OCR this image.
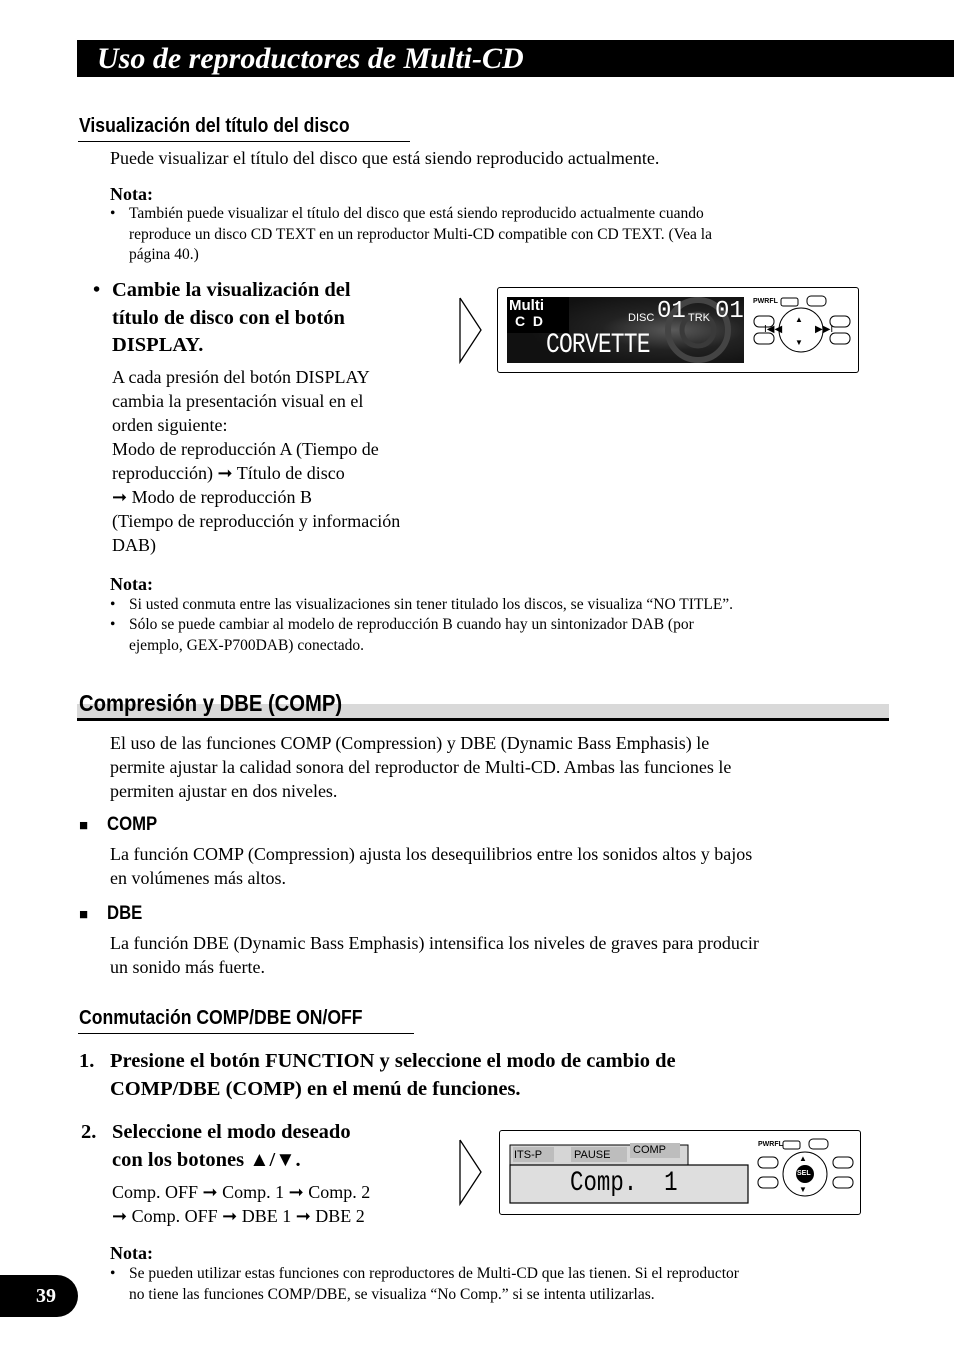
Uso de reproductores de Multi-CD
Visualización del título del disco
Puede visualizar el título del disco que está siendo reproducido actualmente.
Nota:
• También puede visualizar el título del disco que está siendo reproducido actualmente cuando
reproduce un disco CD TEXT en un reproductor Multi-CD compatible con CD TEXT. (Vea la
página 40.)
• Cambie la visualización del
título de disco con el botón
DISPLAY.
A cada presión del botón DISPLAY
cambia la presentación visual en el
orden siguiente:
Modo de reproducción A (Tiempo de
reproducción) ➞ Título de disco
➞ Modo de reproducción B
(Tiempo de reproducción y información
DAB)
Multi
C  D	DISC 01 TRK 01
CORVETTE
PWRFL
▲
▼
I◀◀	▶▶I
Nota:
• Si usted conmuta entre las visualizaciones sin tener titulado los discos, se visualiza “NO TITLE”.
• Sólo se puede cambiar al modelo de reproducción B cuando hay un sintonizador DAB (por
ejemplo, GEX-P700DAB) conectado.
Compresión y DBE (COMP)
El uso de las funciones COMP (Compression) y DBE (Dynamic Bass Emphasis) le
permite ajustar la calidad sonora del reproductor de Multi-CD. Ambas las funciones le
permiten ajustar en dos niveles.
■ COMP
La función COMP (Compression) ajusta los desequilibrios entre los sonidos altos y bajos
en volúmenes más altos.
■ DBE
La función DBE (Dynamic Bass Emphasis) intensifica los niveles de graves para producir
un sonido más fuerte.
Conmutación COMP/DBE ON/OFF
1. Presione el botón FUNCTION y seleccione el modo de cambio de
COMP/DBE (COMP) en el menú de funciones.
2. Seleccione el modo deseado
con los botones ▲/▼.
Comp. OFF ➞ Comp. 1 ➞ Comp. 2
➞ Comp. OFF ➞ DBE 1 ➞ DBE 2
ITS-P	PAUSE COMP
Comp.  1
PWRFL
▲
SEL
▼
Nota:
• Se pueden utilizar estas funciones con reproductores de Multi-CD que las tienen. Si el reproductor
no tiene las funciones COMP/DBE, se visualiza “No Comp.” si se intenta utilizarlas.
39
